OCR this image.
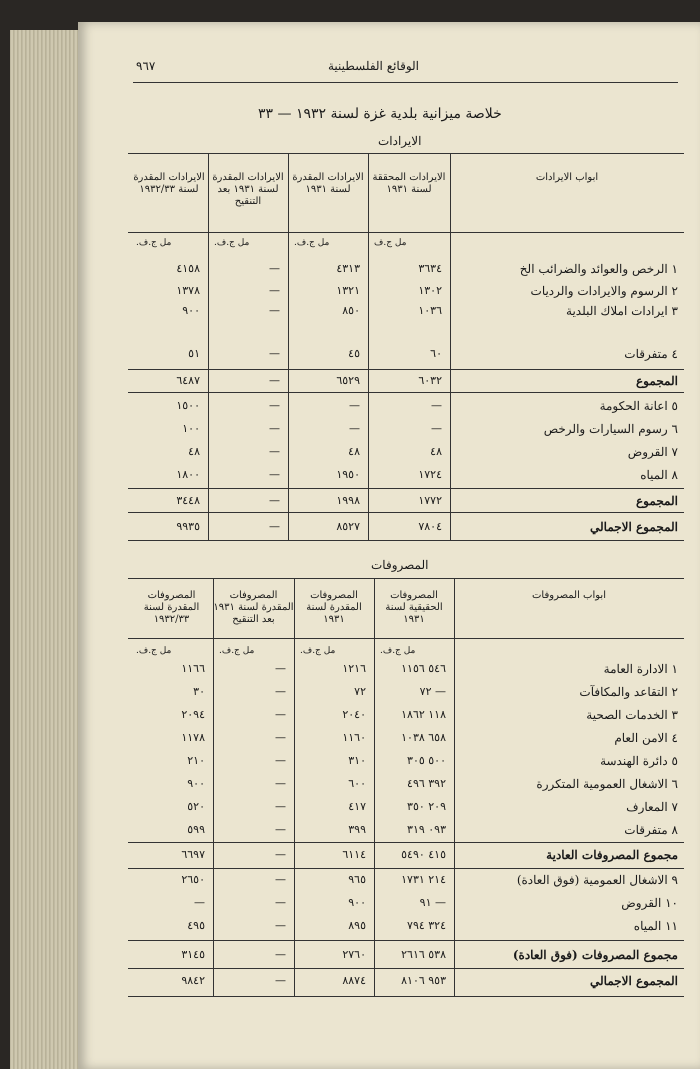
٩٦٧	الوقائع الفلسطينية
خلاصة ميزانية بلدية غزة لسنة ١٩٣٢ — ٣٣
الايرادات
ابواب الايرادات
الايرادات المحققة لسنة ١٩٣١
الايرادات المقدرة لسنة ١٩٣١
الايرادات المقدرة لسنة ١٩٣١ بعد التنقيح
الايرادات المقدرة لسنة ١٩٣٢/٣٣
مل ج.ف
مل ج.ف.
مل ج.ف.
مل ج.ف.
١ الرخص والعوائد والضرائب الخ
٣٦٣٤
٤٣١٣
—
٤١٥٨
٢ الرسوم والايرادات والرديات
١٣٠٢
١٣٢١
—
١٣٧٨
٣ ايرادات املاك البلدية
١٠٣٦
٨٥٠
—
٩٠٠
٤ متفرقات
٦٠
٤٥
—
٥١
المجموع
٦٠٣٢
٦٥٢٩
—
٦٤٨٧
٥ اعانة الحكومة
—
—
—
١٥٠٠
٦ رسوم السيارات والرخص
—
—
—
١٠٠
٧ القروض
٤٨
٤٨
—
٤٨
٨ المياه
١٧٢٤
١٩٥٠
—
١٨٠٠
المجموع
١٧٧٢
١٩٩٨
—
٣٤٤٨
المجموع الاجمالي
٧٨٠٤
٨٥٢٧
—
٩٩٣٥
المصروفات
ابواب المصروفات
المصروفات الحقيقية لسنة ١٩٣١
المصروفات المقدرة لسنة ١٩٣١
المصروفات المقدرة لسنة ١٩٣١ بعد التنقيح
المصروفات المقدرة لسنة ١٩٣٢/٣٣
مل ج.ف.
مل ج.ف.
مل ج.ف.
مل ج.ف.
١ الادارة العامة
٥٤٦ ١١٥٦
١٢١٦
—
١١٦٦
٢ التقاعد والمكافآت
— ٧٢
٧٢
—
٣٠
٣ الخدمات الصحية
١١٨ ١٨٦٢
٢٠٤٠
—
٢٠٩٤
٤ الامن العام
٦٥٨ ١٠٣٨
١١٦٠
—
١١٧٨
٥ دائرة الهندسة
٥٠٠ ٣٠٥
٣١٠
—
٢١٠
٦ الاشغال العمومية المتكررة
٣٩٢ ٤٩٦
٦٠٠
—
٩٠٠
٧ المعارف
٢٠٩ ٣٥٠
٤١٧
—
٥٢٠
٨ متفرقات
٠٩٣ ٣١٩
٣٩٩
—
٥٩٩
مجموع المصروفات العادية
٤١٥ ٥٤٩٠
٦١١٤
—
٦٦٩٧
٩ الاشغال العمومية (فوق العادة)
٢١٤ ١٧٣١
٩٦٥
—
٢٦٥٠
١٠ القروض
— ٩١
٩٠٠
—
—
١١ المياه
٣٢٤ ٧٩٤
٨٩٥
—
٤٩٥
مجموع المصروفات (فوق العادة)
٥٣٨ ٢٦١٦
٢٧٦٠
—
٣١٤٥
المجموع الاجمالي
٩٥٣ ٨١٠٦
٨٨٧٤
—
٩٨٤٢
